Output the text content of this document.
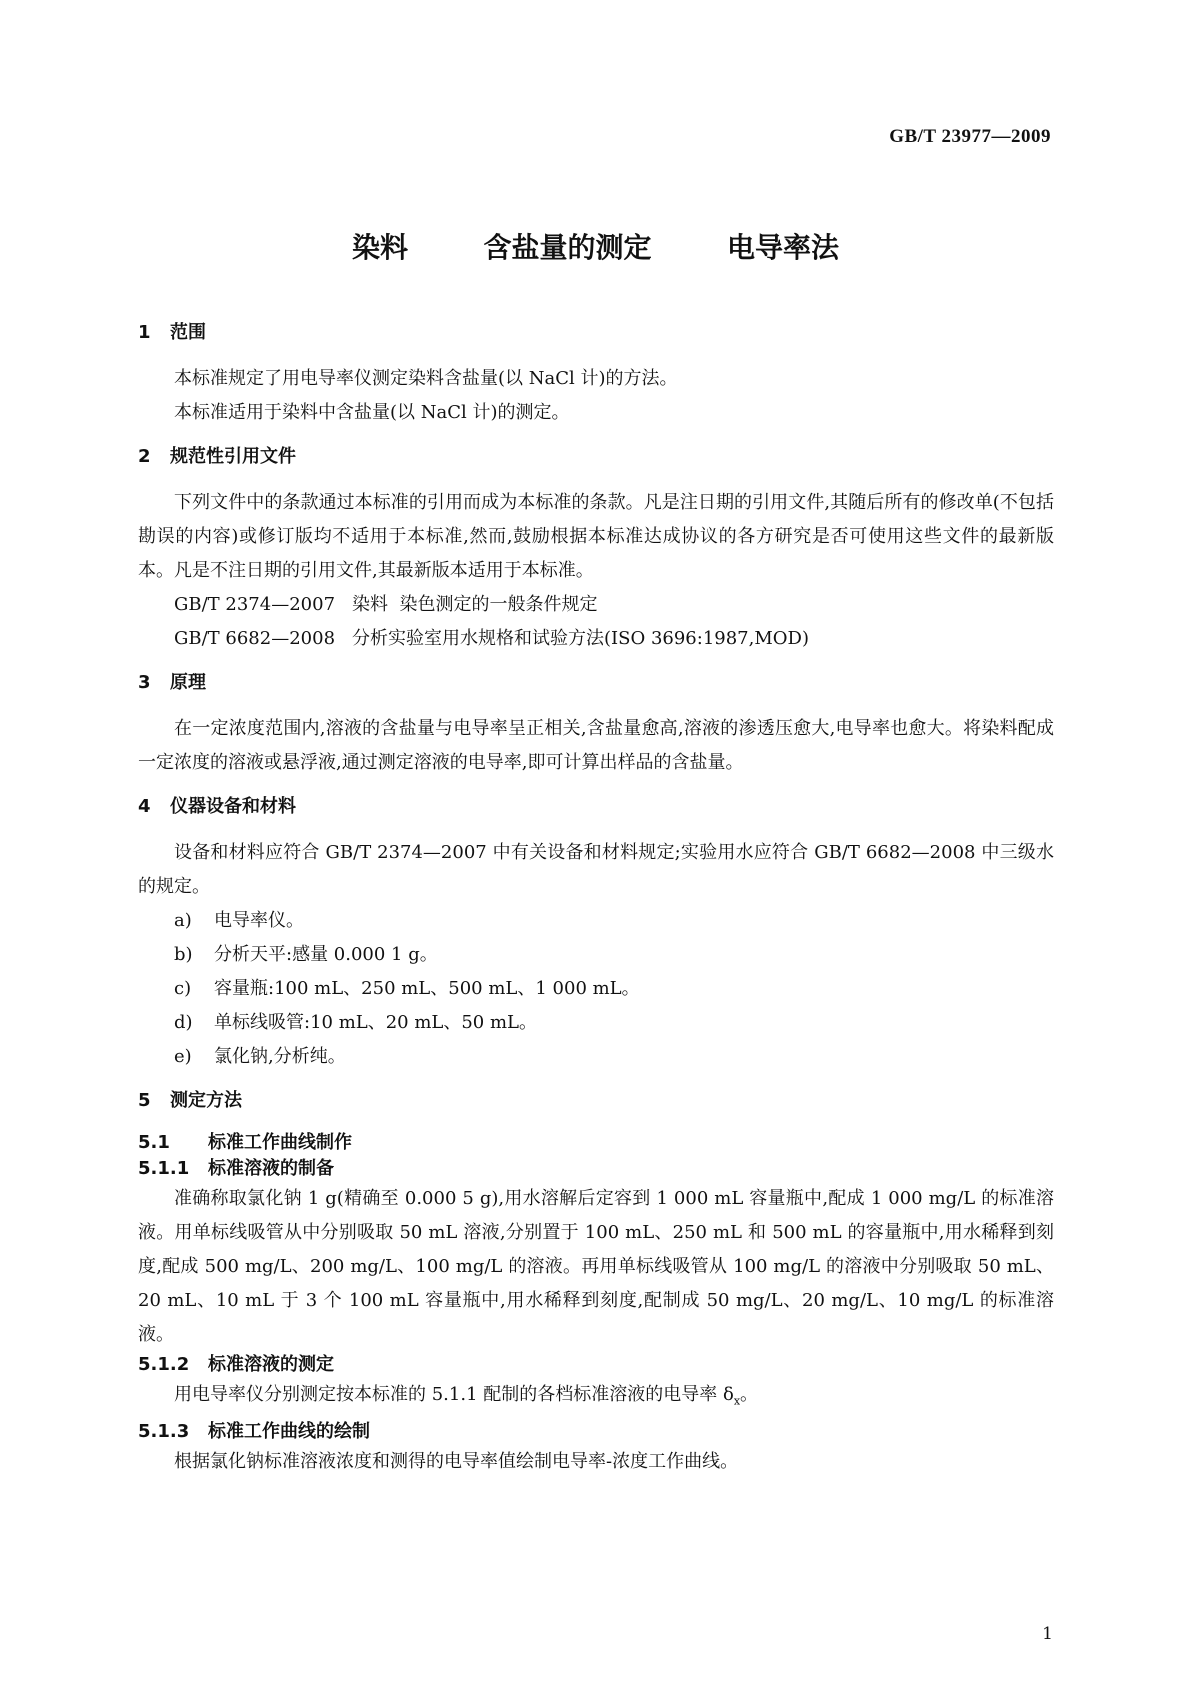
GB/T 23977—2009
染料  含盐量的测定  电导率法
1 范围

本标准规定了用电导率仪测定染料含盐量(以 NaCl 计)的方法。

本标准适用于染料中含盐量(以 NaCl 计)的测定。

2 规范性引用文件

下列文件中的条款通过本标准的引用而成为本标准的条款。凡是注日期的引用文件,其随后所有的修改单(不包括勘误的内容)或修订版均不适用于本标准,然而,鼓励根据本标准达成协议的各方研究是否可使用这些文件的最新版本。凡是不注日期的引用文件,其最新版本适用于本标准。

GB/T 2374—2007 染料  染色测定的一般条件规定

GB/T 6682—2008 分析实验室用水规格和试验方法(ISO 3696:1987,MOD)

3 原理

在一定浓度范围内,溶液的含盐量与电导率呈正相关,含盐量愈高,溶液的渗透压愈大,电导率也愈大。将染料配成一定浓度的溶液或悬浮液,通过测定溶液的电导率,即可计算出样品的含盐量。

4 仪器设备和材料

设备和材料应符合 GB/T 2374—2007 中有关设备和材料规定;实验用水应符合 GB/T 6682—2008 中三级水的规定。

a) 电导率仪。

b) 分析天平:感量 0.000 1 g。

c) 容量瓶:100 mL、250 mL、500 mL、1 000 mL。

d) 单标线吸管:10 mL、20 mL、50 mL。

e) 氯化钠,分析纯。

5 测定方法
5.1 标准工作曲线制作
5.1.1 标准溶液的制备

准确称取氯化钠 1 g(精确至 0.000 5 g),用水溶解后定容到 1 000 mL 容量瓶中,配成 1 000 mg/L 的标准溶液。用单标线吸管从中分别吸取 50 mL 溶液,分别置于 100 mL、250 mL 和 500 mL 的容量瓶中,用水稀释到刻度,配成 500 mg/L、200 mg/L、100 mg/L 的溶液。再用单标线吸管从 100 mg/L 的溶液中分别吸取 50 mL、20 mL、10 mL 于 3 个 100 mL 容量瓶中,用水稀释到刻度,配制成 50 mg/L、20 mg/L、10 mg/L 的标准溶液。

5.1.2 标准溶液的测定

用电导率仪分别测定按本标准的 5.1.1 配制的各档标准溶液的电导率 $\delta_x$。

5.1.3 标准工作曲线的绘制

根据氯化钠标准溶液浓度和测得的电导率值绘制电导率-浓度工作曲线。

1
